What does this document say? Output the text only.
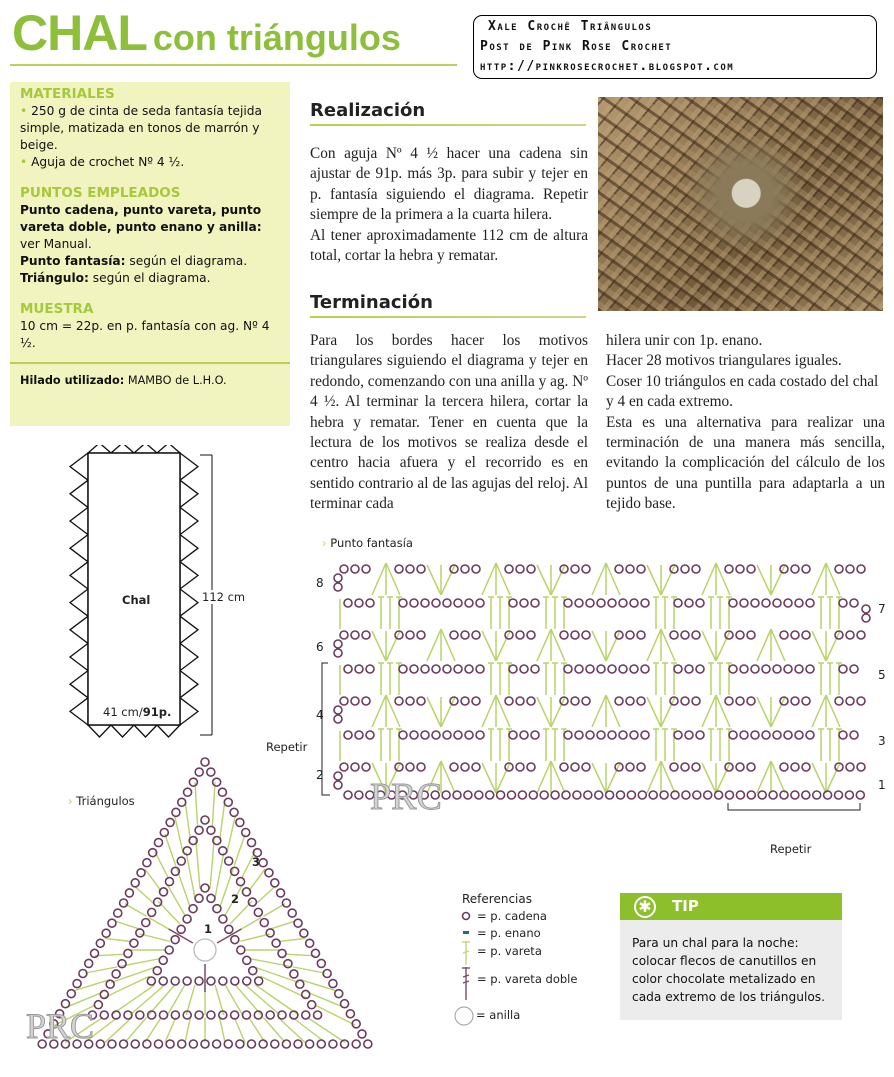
CHAL con triángulos	Xale Crochê Triângulos
Post de Pink Rose Crochet
http://pinkrosecrochet.blogspot.com
MATERIALES

• 250 g de cinta de seda fantasía tejida simple, matizada en tonos de marrón y beige.

• Aguja de crochet Nº 4 ½.

PUNTOS EMPLEADOS

Punto cadena, punto vareta, punto vareta doble, punto enano y anilla: ver Manual.

Punto fantasía: según el diagrama.

Triángulo: según el diagrama.

MUESTRA

10 cm = 22p. en p. fantasía con ag. Nº 4 ½.

Hilado utilizado: MAMBO de L.H.O.

Realización

Con aguja Nº 4 ½ hacer una cadena sin ajustar de 91p. más 3p. para subir y tejer en p. fantasía siguiendo el diagrama. Repetir siempre de la primera a la cuarta hilera.

Al tener aproximadamente 112 cm de altura total, cortar la hebra y rematar.

Terminación

Para los bordes hacer los motivos triangulares siguiendo el diagrama y tejer en redondo, comenzando con una anilla y ag. Nº 4 ½. Al terminar la tercera hilera, cortar la hebra y rematar. Tener en cuenta que la lectura de los motivos se realiza desde el centro hacia afuera y el recorrido es en sentido contrario al de las agujas del reloj. Al terminar cada

hilera unir con 1p. enano.

Hacer 28 motivos triangulares iguales.

Coser 10 triángulos en cada costado del chal y 4 en cada extremo.

Esta es una alternativa para realizar una terminación de una manera más sencilla, evitando la complicación del cálculo de los puntos de una puntilla para adaptarla a un tejido base.

Chal	112 cm
41 cm/91p.
› Punto fantasía
8
6
4
2
7
5
3
1
Repetir
Repetir
PRC
› Triángulos
1
2
3
PRC
Referencias
= p. cadena
= p. enano
= p. vareta
= p. vareta doble
= anilla
✱ TIP

Para un chal para la noche: colocar flecos de canutillos en color chocolate metalizado en cada extremo de los triángulos.
